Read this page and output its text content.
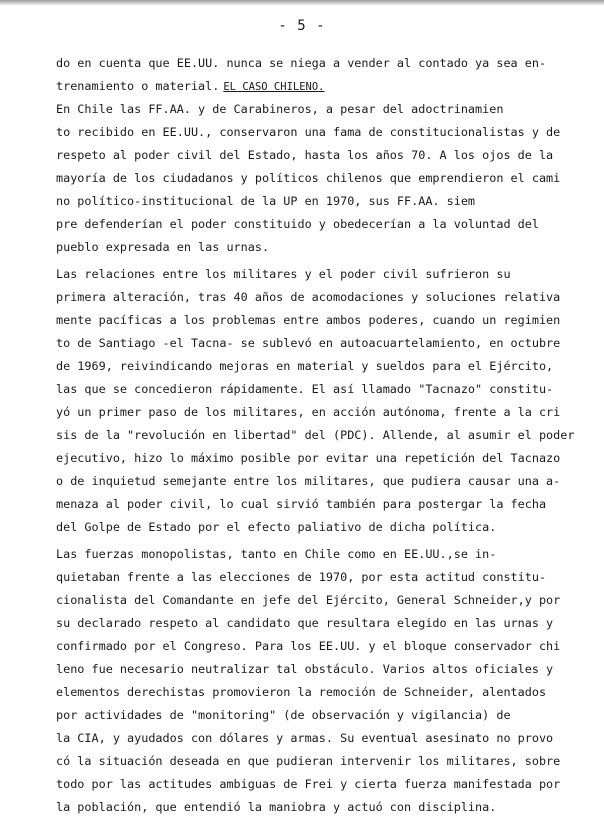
- 5 -
do en cuenta que EE.UU. nunca se niega a vender al contado ya sea en-
trenamiento o material. EL CASO CHILENO.
En Chile las FF.AA. y de Carabineros, a pesar del adoctrinamien
to recibido en EE.UU., conservaron una fama de constitucionalistas y de
respeto al poder civil del Estado, hasta los años 70. A los ojos de la
mayoría de los ciudadanos y políticos chilenos que emprendieron el cami
no político-institucional de la UP en 1970, sus FF.AA. siem
pre defenderían el poder constituido y obedecerían a la voluntad del
pueblo expresada en las urnas.
Las relaciones entre los militares y el poder civil sufrieron su
primera alteración, tras 40 años de acomodaciones y soluciones relativa
mente pacíficas a los problemas entre ambos poderes, cuando un regimien
to de Santiago -el Tacna- se sublevó en autoacuartelamiento, en octubre
de 1969, reivindicando mejoras en material y sueldos para el Ejército,
las que se concedieron rápidamente. El así llamado "Tacnazo" constitu-
yó un primer paso de los militares, en acción autónoma, frente a la cri
sis de la "revolución en libertad" del (PDC). Allende, al asumir el poder
ejecutivo, hizo lo máximo posible por evitar una repetición del Tacnazo
o de inquietud semejante entre los militares, que pudiera causar una a-
menaza al poder civil, lo cual sirvió también para postergar la fecha
del Golpe de Estado por el efecto paliativo de dicha política.
Las fuerzas monopolistas, tanto en Chile como en EE.UU.,se in-
quietaban frente a las elecciones de 1970, por esta actitud constitu-
cionalista del Comandante en jefe del Ejército, General Schneider,y por
su declarado respeto al candidato que resultara elegido en las urnas y
confirmado por el Congreso. Para los EE.UU. y el bloque conservador chi
leno fue necesario neutralizar tal obstáculo. Varios altos oficiales y
elementos derechistas promovieron la remoción de Schneider, alentados
por actividades de "monitoring" (de observación y vigilancia) de
la CIA, y ayudados con dólares y armas. Su eventual asesinato no provo
có la situación deseada en que pudieran intervenir los militares, sobre
todo por las actitudes ambiguas de Frei y cierta fuerza manifestada por
la población, que entendió la maniobra y actuó con disciplina.
